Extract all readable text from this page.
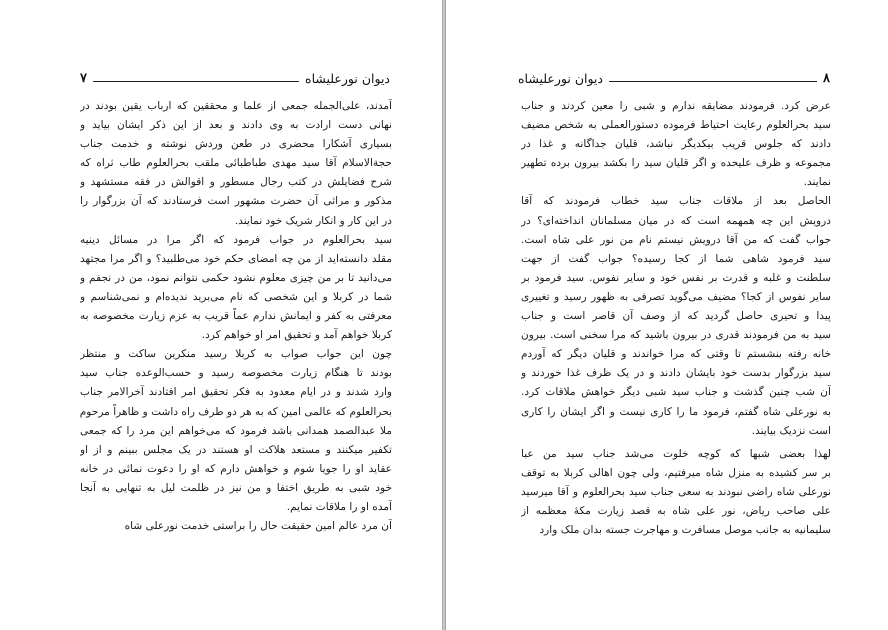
۷	دیوان نورعلیشاه
آمدند، علی‌الجمله جمعی از علما و محققین که ارباب یقین بودند در
نهانی دست ارادت به وی دادند و بعد از این ذکر ایشان بیاید و
بسیاری آشکارا محضری در طعن وردش نوشته و خدمت جناب
حجةالاسلام آقا سید مهدی طباطبائی ملقب بحرالعلوم طاب ثراه که
شرح فضایلش در کتب رجال مسطور و اقوالش در فقه مستشهد و
مذکور و مراثی آن حضرت مشهور است فرستادند که آن بزرگوار را
در این کار و انکار شریک خود نمایند.
سید بحرالعلوم در جواب فرمود که اگر مرا در مسائل دینیه
مقلد دانسته‌اید از من چه امضای حکم خود می‌طلبید؟ و اگر مرا مجتهد
می‌دانید تا بر من چیزی معلوم نشود حکمی نتوانم نمود، من در نجفم و
شما در کربلا و این شخصی که نام می‌برید ندیده‌ام و نمی‌شناسم و
معرفتی به کفر و ایمانش ندارم عماً قریب به عزم زیارت مخصوصه به
کربلا خواهم آمد و تحقیق امر او خواهم کرد.
چون این جواب صواب به کربلا رسید منکرین ساکت و منتظر
بودند تا هنگام زیارت مخصوصه رسید و حسب‌الوعده جناب سید
وارد شدند و در ایام معدود به فکر تحقیق امر افتادند آخرالامر جناب
بحرالعلوم که عالمی امین که به هر دو طرف راه داشت و ظاهراً مرحوم
ملا عبدالصمد همدانی باشد فرمود که می‌خواهم این مرد را که جمعی
تکفیر میکنند و مستعد هلاکت او هستند در یک مجلس ببینم و از او
عقاید او را جویا شوم و خواهش دارم که او را دعوت نمائی در خانه
خود شبی به طریق اختفا و من نیز در ظلمت لیل به تنهایی به آنجا
آمده او را ملاقات نمایم.
آن مرد عالم امین حقیقت حال را براستی خدمت نورعلی شاه
دیوان نورعلیشاه	۸
عرض کرد. فرمودند مضایقه ندارم و شبی را معین کردند و جناب
سید بحرالعلوم رعایت احتیاط فرموده دستورالعملی به شخص مضیف
دادند که جلوس قریب بیکدیگر نباشد، قلیان جداگانه و غذا در
مجموعه و ظرف علیحده و اگر قلیان سید را بکشد بیرون برده تطهیر
نمایند.
الحاصل بعد از ملاقات جناب سید خطاب فرمودند که آقا
درویش این چه همهمه است که در میان مسلمانان انداخته‌ای؟ در
جواب گفت که من آقا درویش نیستم نام من نور علی شاه است.
سید فرمود شاهی شما از کجا رسیده؟ جواب گفت از جهت
سلطنت و غلبه و قدرت بر نفس خود و سایر نفوس. سید فرمود بر
سایر نفوس از کجا؟ مضیف می‌گوید تصرفی به ظهور رسید و تغییری
پیدا و تحیری حاصل گردید که از وصف آن قاصر است و جناب
سید به من فرمودند قدری در بیرون باشید که مرا سخنی است. بیرون
خانه رفته بنشستم تا وقتی که مرا خواندند و قلیان دیگر که آوردم
سید بزرگوار بدست خود بایشان دادند و در یک ظرف غذا خوردند و
آن شب چنین گذشت و جناب سید شبی دیگر خواهش ملاقات کرد.
به نورعلی شاه گفتم، فرمود ما را کاری نیست و اگر ایشان را کاری
است نزدیک بیایند.
لهذا بعضی شبها که کوچه خلوت می‌شد جناب سید من عبا
بر سر کشیده به منزل شاه میرفتیم، ولی چون اهالی کربلا به توقف
نورعلی شاه راضی نبودند به سعی جناب سید بحرالعلوم و آقا میرسید
علی صاحب ریاض، نور علی شاه به قصد زیارت مکهٔ معظمه از
سلیمانیه به جانب موصل مسافرت و مهاجرت جسته بدان ملک وارد
